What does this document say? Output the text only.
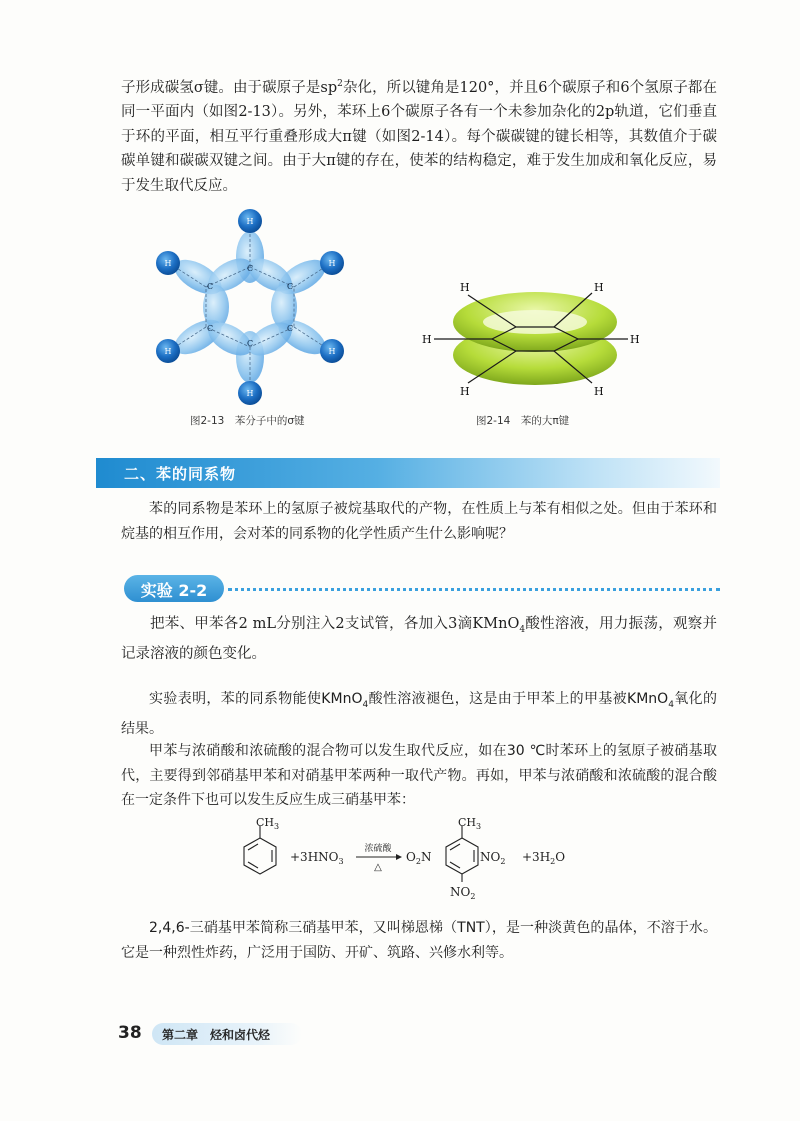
子形成碳氢σ键。由于碳原子是$sp^2$杂化，所以键角是120°，并且6个碳原子和6个氢原子都在同一平面内（如图2-13）。另外，苯环上6个碳原子各有一个未参加杂化的2p轨道，它们垂直于环的平面，相互平行重叠形成大π键（如图2-14）。每个碳碳键的键长相等，其数值介于碳碳单键和碳碳双键之间。由于大π键的存在，使苯的结构稳定，难于发生加成和氧化反应，易于发生取代反应。

H
H
H	H
H	H
C
C
C	C
C	C
图2-13　苯分子中的σ键
H	H
H	H
H	H
图2-14　苯的大π键
二、苯的同系物

苯的同系物是苯环上的氢原子被烷基取代的产物，在性质上与苯有相似之处。但由于苯环和烷基的相互作用，会对苯的同系物的化学性质产生什么影响呢？

实验 2-2

把苯、甲苯各2 mL分别注入2支试管，各加入3滴KMnO$_4$酸性溶液，用力振荡，观察并记录溶液的颜色变化。

实验表明，苯的同系物能使KMnO$_4$酸性溶液褪色，这是由于甲苯上的甲基被KMnO$_4$氧化的结果。

甲苯与浓硝酸和浓硫酸的混合物可以发生取代反应，如在30 ℃时苯环上的氢原子被硝基取代，主要得到邻硝基甲苯和对硝基甲苯两种一取代产物。再如，甲苯与浓硝酸和浓硫酸的混合酸在一定条件下也可以发生反应生成三硝基甲苯：

$CH_3$
$+3HNO_3$
浓硫酸
△
$O_2N$
$CH_3$
$NO_2$
$NO_2$
$+3H_2O$

2,4,6-三硝基甲苯简称三硝基甲苯，又叫梯恩梯（TNT），是一种淡黄色的晶体，不溶于水。它是一种烈性炸药，广泛用于国防、开矿、筑路、兴修水利等。

38 第二章　烃和卤代烃
